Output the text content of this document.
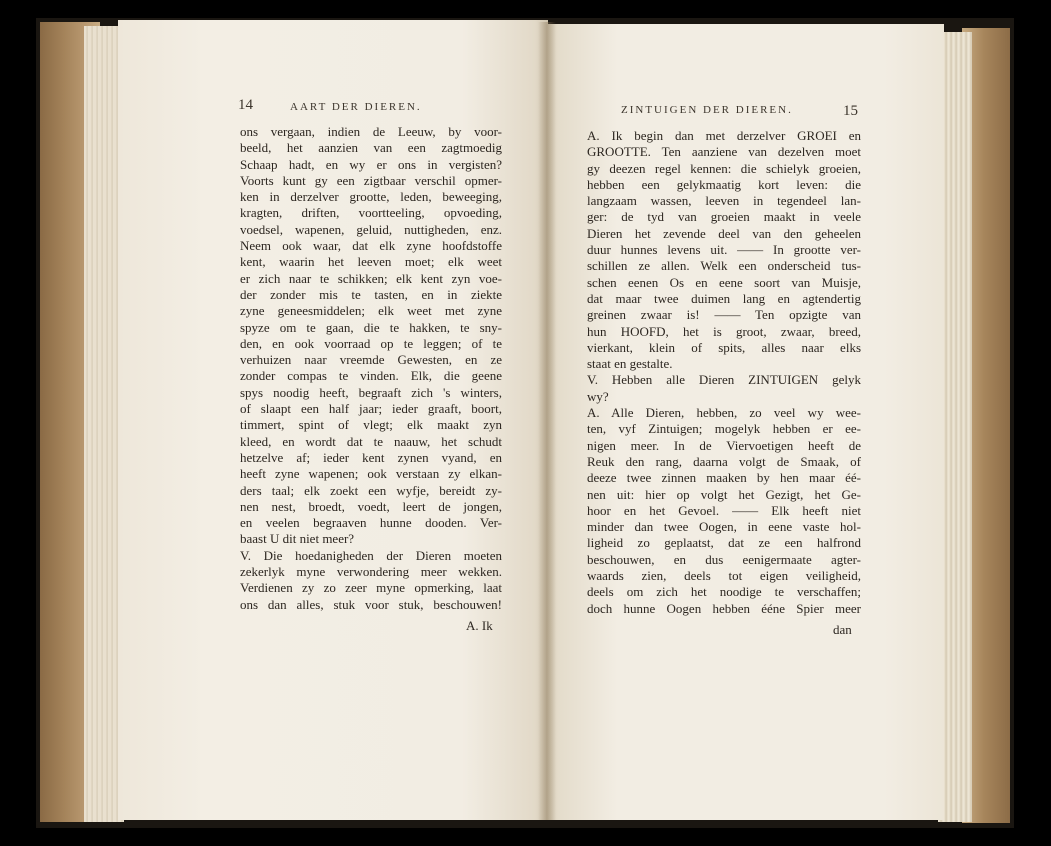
14	AART DER DIEREN.	ZINTUIGEN DER DIEREN.	15
ons vergaan, indien de Leeuw, by voor-
beeld, het aanzien van een zagtmoedig
Schaap hadt, en wy er ons in vergisten?
Voorts kunt gy een zigtbaar verschil opmer-
ken in derzelver grootte, leden, beweeging,
kragten, driften, voortteeling, opvoeding,
voedsel, wapenen, geluid, nuttigheden, enz.
Neem ook waar, dat elk zyne hoofdstoffe
kent, waarin het leeven moet; elk weet
er zich naar te schikken; elk kent zyn voe-
der zonder mis te tasten, en in ziekte
zyne geneesmiddelen; elk weet met zyne
spyze om te gaan, die te hakken, te sny-
den, en ook voorraad op te leggen; of te
verhuizen naar vreemde Gewesten, en ze
zonder compas te vinden. Elk, die geene
spys noodig heeft, begraaft zich 's winters,
of slaapt een half jaar; ieder graaft, boort,
timmert, spint of vlegt; elk maakt zyn
kleed, en wordt dat te naauw, het schudt
hetzelve af; ieder kent zynen vyand, en
heeft zyne wapenen; ook verstaan zy elkan-
ders taal; elk zoekt een wyfje, bereidt zy-
nen nest, broedt, voedt, leert de jongen,
en veelen begraaven hunne dooden. Ver-
baast U dit niet meer?
V. Die hoedanigheden der Dieren moeten
zekerlyk myne verwondering meer wekken.
Verdienen zy zo zeer myne opmerking, laat
ons dan alles, stuk voor stuk, beschouwen!
A. Ik
A. Ik begin dan met derzelver GROEI en
GROOTTE. Ten aanziene van dezelven moet
gy deezen regel kennen: die schielyk groeien,
hebben een gelykmaatig kort leven: die
langzaam wassen, leeven in tegendeel lan-
ger: de tyd van groeien maakt in veele
Dieren het zevende deel van den geheelen
duur hunnes levens uit. —— In grootte ver-
schillen ze allen. Welk een onderscheid tus-
schen eenen Os en eene soort van Muisje,
dat maar twee duimen lang en agtendertig
greinen zwaar is! —— Ten opzigte van
hun HOOFD, het is groot, zwaar, breed,
vierkant, klein of spits, alles naar elks
staat en gestalte.
V. Hebben alle Dieren ZINTUIGEN gelyk
wy?
A. Alle Dieren, hebben, zo veel wy wee-
ten, vyf Zintuigen; mogelyk hebben er ee-
nigen meer. In de Viervoetigen heeft de
Reuk den rang, daarna volgt de Smaak, of
deeze twee zinnen maaken by hen maar éé-
nen uit: hier op volgt het Gezigt, het Ge-
hoor en het Gevoel. —— Elk heeft niet
minder dan twee Oogen, in eene vaste hol-
ligheid zo geplaatst, dat ze een halfrond
beschouwen, en dus eenigermaate agter-
waards zien, deels tot eigen veiligheid,
deels om zich het noodige te verschaffen;
doch hunne Oogen hebben ééne Spier meer
dan
